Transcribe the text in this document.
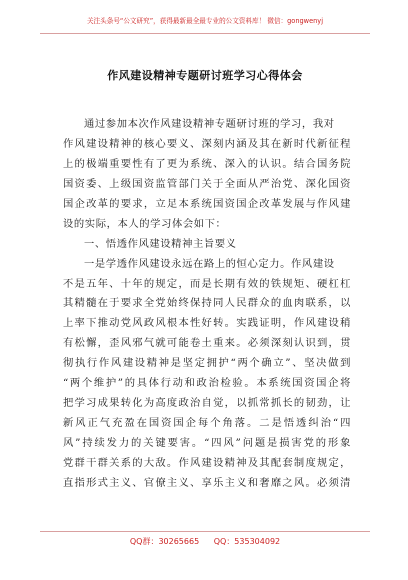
关注头条号“公文研究”，获得最新最全最专业的公文资料库！ 微信：gongwenyj
作风建设精神专题研讨班学习心得体会
通过参加本次作风建设精神专题研讨班的学习，我对
作风建设精神的核心要义、深刻内涵及其在新时代新征程
上的极端重要性有了更为系统、深入的认识。结合国务院
国资委、上级国资监管部门关于全面从严治党、深化国资
国企改革的要求，立足本系统国资国企改革发展与作风建
设的实际，本人的学习体会如下：
一、悟透作风建设精神主旨要义
一是学透作风建设永远在路上的恒心定力。作风建设
不是五年、十年的规定，而是长期有效的铁规矩、硬杠杠
其精髓在于要求全党始终保持同人民群众的血肉联系，以
上率下推动党风政风根本性好转。实践证明，作风建设稍
有松懈，歪风邪气就可能卷土重来。必须深刻认识到，贯
彻执行作风建设精神是坚定拥护“两个确立”、坚决做到
“两个维护”的具体行动和政治检验。本系统国资国企将
把学习成果转化为高度政治自觉，以抓常抓长的韧劲，让
新风正气充盈在国资国企每个角落。二是悟透纠治“四
风”持续发力的关键要害。“四风”问题是损害党的形象
党群干群关系的大敌。作风建设精神及其配套制度规定，
直指形式主义、官僚主义、享乐主义和奢靡之风。必须清
QQ群：30265665 QQ：535304092
